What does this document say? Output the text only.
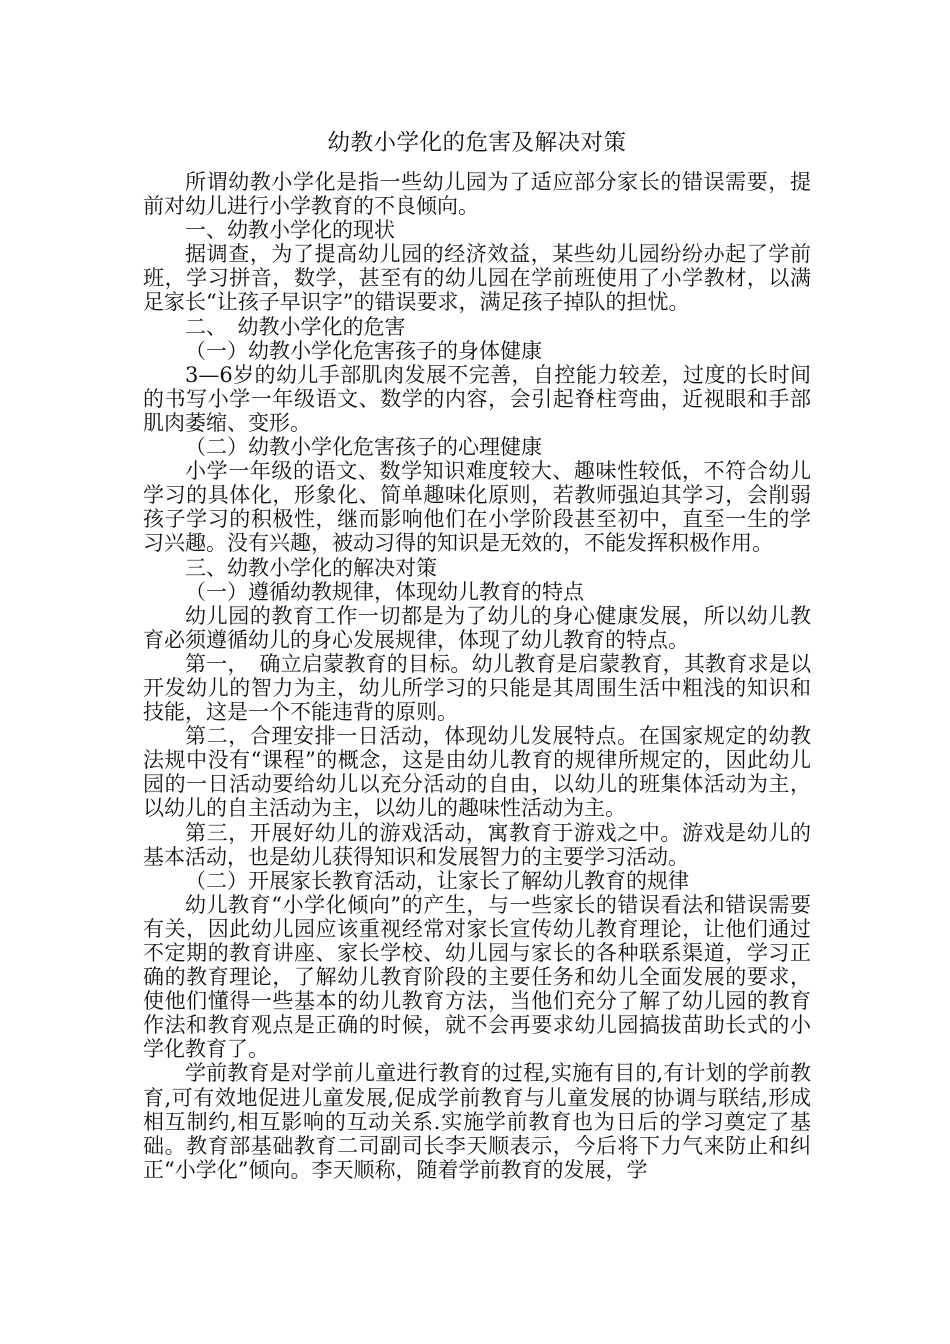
幼教小学化的危害及解决对策

所谓幼教小学化是指一些幼儿园为了适应部分家长的错误需要，提前对幼儿进行小学教育的不良倾向。

一、幼教小学化的现状

据调查，为了提高幼儿园的经济效益，某些幼儿园纷纷办起了学前班，学习拼音，数学，甚至有的幼儿园在学前班使用了小学教材，以满足家长“让孩子早识字”的错误要求，满足孩子掉队的担忧。

二、　幼教小学化的危害

（一）幼教小学化危害孩子的身体健康

3—6岁的幼儿手部肌肉发展不完善，自控能力较差，过度的长时间的书写小学一年级语文、数学的内容，会引起脊柱弯曲，近视眼和手部肌肉萎缩、变形。

（二）幼教小学化危害孩子的心理健康

小学一年级的语文、数学知识难度较大、趣味性较低，不符合幼儿学习的具体化，形象化、简单趣味化原则，若教师强迫其学习，会削弱孩子学习的积极性，继而影响他们在小学阶段甚至初中，直至一生的学习兴趣。没有兴趣，被动习得的知识是无效的，不能发挥积极作用。

三、幼教小学化的解决对策

（一）遵循幼教规律，体现幼儿教育的特点

幼儿园的教育工作一切都是为了幼儿的身心健康发展，所以幼儿教育必须遵循幼儿的身心发展规律，体现了幼儿教育的特点。

第一，　确立启蒙教育的目标。幼儿教育是启蒙教育，其教育求是以开发幼儿的智力为主，幼儿所学习的只能是其周围生活中粗浅的知识和技能，这是一个不能违背的原则。

第二，合理安排一日活动，体现幼儿发展特点。在国家规定的幼教法规中没有“课程”的概念，这是由幼儿教育的规律所规定的，因此幼儿园的一日活动要给幼儿以充分活动的自由，以幼儿的班集体活动为主，以幼儿的自主活动为主，以幼儿的趣味性活动为主。

第三，开展好幼儿的游戏活动，寓教育于游戏之中。游戏是幼儿的基本活动，也是幼儿获得知识和发展智力的主要学习活动。

（二）开展家长教育活动，让家长了解幼儿教育的规律

幼儿教育“小学化倾向”的产生，与一些家长的错误看法和错误需要有关，因此幼儿园应该重视经常对家长宣传幼儿教育理论，让他们通过不定期的教育讲座、家长学校、幼儿园与家长的各种联系渠道，学习正确的教育理论，了解幼儿教育阶段的主要任务和幼儿全面发展的要求，使他们懂得一些基本的幼儿教育方法，当他们充分了解了幼儿园的教育作法和教育观点是正确的时候，就不会再要求幼儿园搞拔苗助长式的小学化教育了。

学前教育是对学前儿童进行教育的过程,实施有目的,有计划的学前教育,可有效地促进儿童发展,促成学前教育与儿童发展的协调与联结,形成相互制约,相互影响的互动关系.实施学前教育也为日后的学习奠定了基础。教育部基础教育二司副司长李天顺表示，今后将下力气来防止和纠正“小学化”倾向。李天顺称，随着学前教育的发展，学
